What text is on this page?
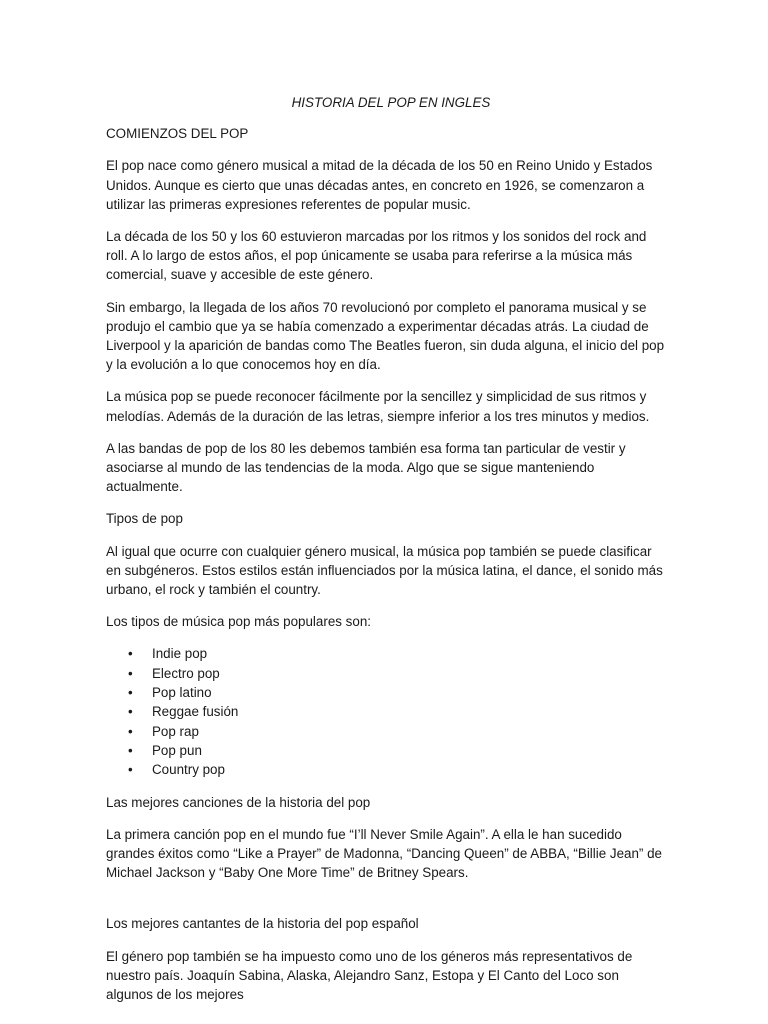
HISTORIA DEL POP EN INGLES
COMIENZOS DEL POP

El pop nace como género musical a mitad de la década de los 50 en Reino Unido y Estados Unidos. Aunque es cierto que unas décadas antes, en concreto en 1926, se comenzaron a utilizar las primeras expresiones referentes de popular music.

La década de los 50 y los 60 estuvieron marcadas por los ritmos y los sonidos del rock and roll. A lo largo de estos años, el pop únicamente se usaba para referirse a la música más comercial, suave y accesible de este género.

Sin embargo, la llegada de los años 70 revolucionó por completo el panorama musical y se produjo el cambio que ya se había comenzado a experimentar décadas atrás. La ciudad de Liverpool y la aparición de bandas como The Beatles fueron, sin duda alguna, el inicio del pop y la evolución a lo que conocemos hoy en día.

La música pop se puede reconocer fácilmente por la sencillez y simplicidad de sus ritmos y melodías. Además de la duración de las letras, siempre inferior a los tres minutos y medios.

A las bandas de pop de los 80 les debemos también esa forma tan particular de vestir y asociarse al mundo de las tendencias de la moda. Algo que se sigue manteniendo actualmente.

Tipos de pop

Al igual que ocurre con cualquier género musical, la música pop también se puede clasificar en subgéneros. Estos estilos están influenciados por la música latina, el dance, el sonido más urbano, el rock y también el country.

Los tipos de música pop más populares son:

• Indie pop
• Electro pop
• Pop latino
• Reggae fusión
• Pop rap
• Pop pun
• Country pop
Las mejores canciones de la historia del pop

La primera canción pop en el mundo fue “I’ll Never Smile Again”. A ella le han sucedido grandes éxitos como “Like a Prayer” de Madonna, “Dancing Queen” de ABBA, “Billie Jean” de Michael Jackson y “Baby One More Time” de Britney Spears.

Los mejores cantantes de la historia del pop español

El género pop también se ha impuesto como uno de los géneros más representativos de nuestro país. Joaquín Sabina, Alaska, Alejandro Sanz, Estopa y El Canto del Loco son algunos de los mejores
